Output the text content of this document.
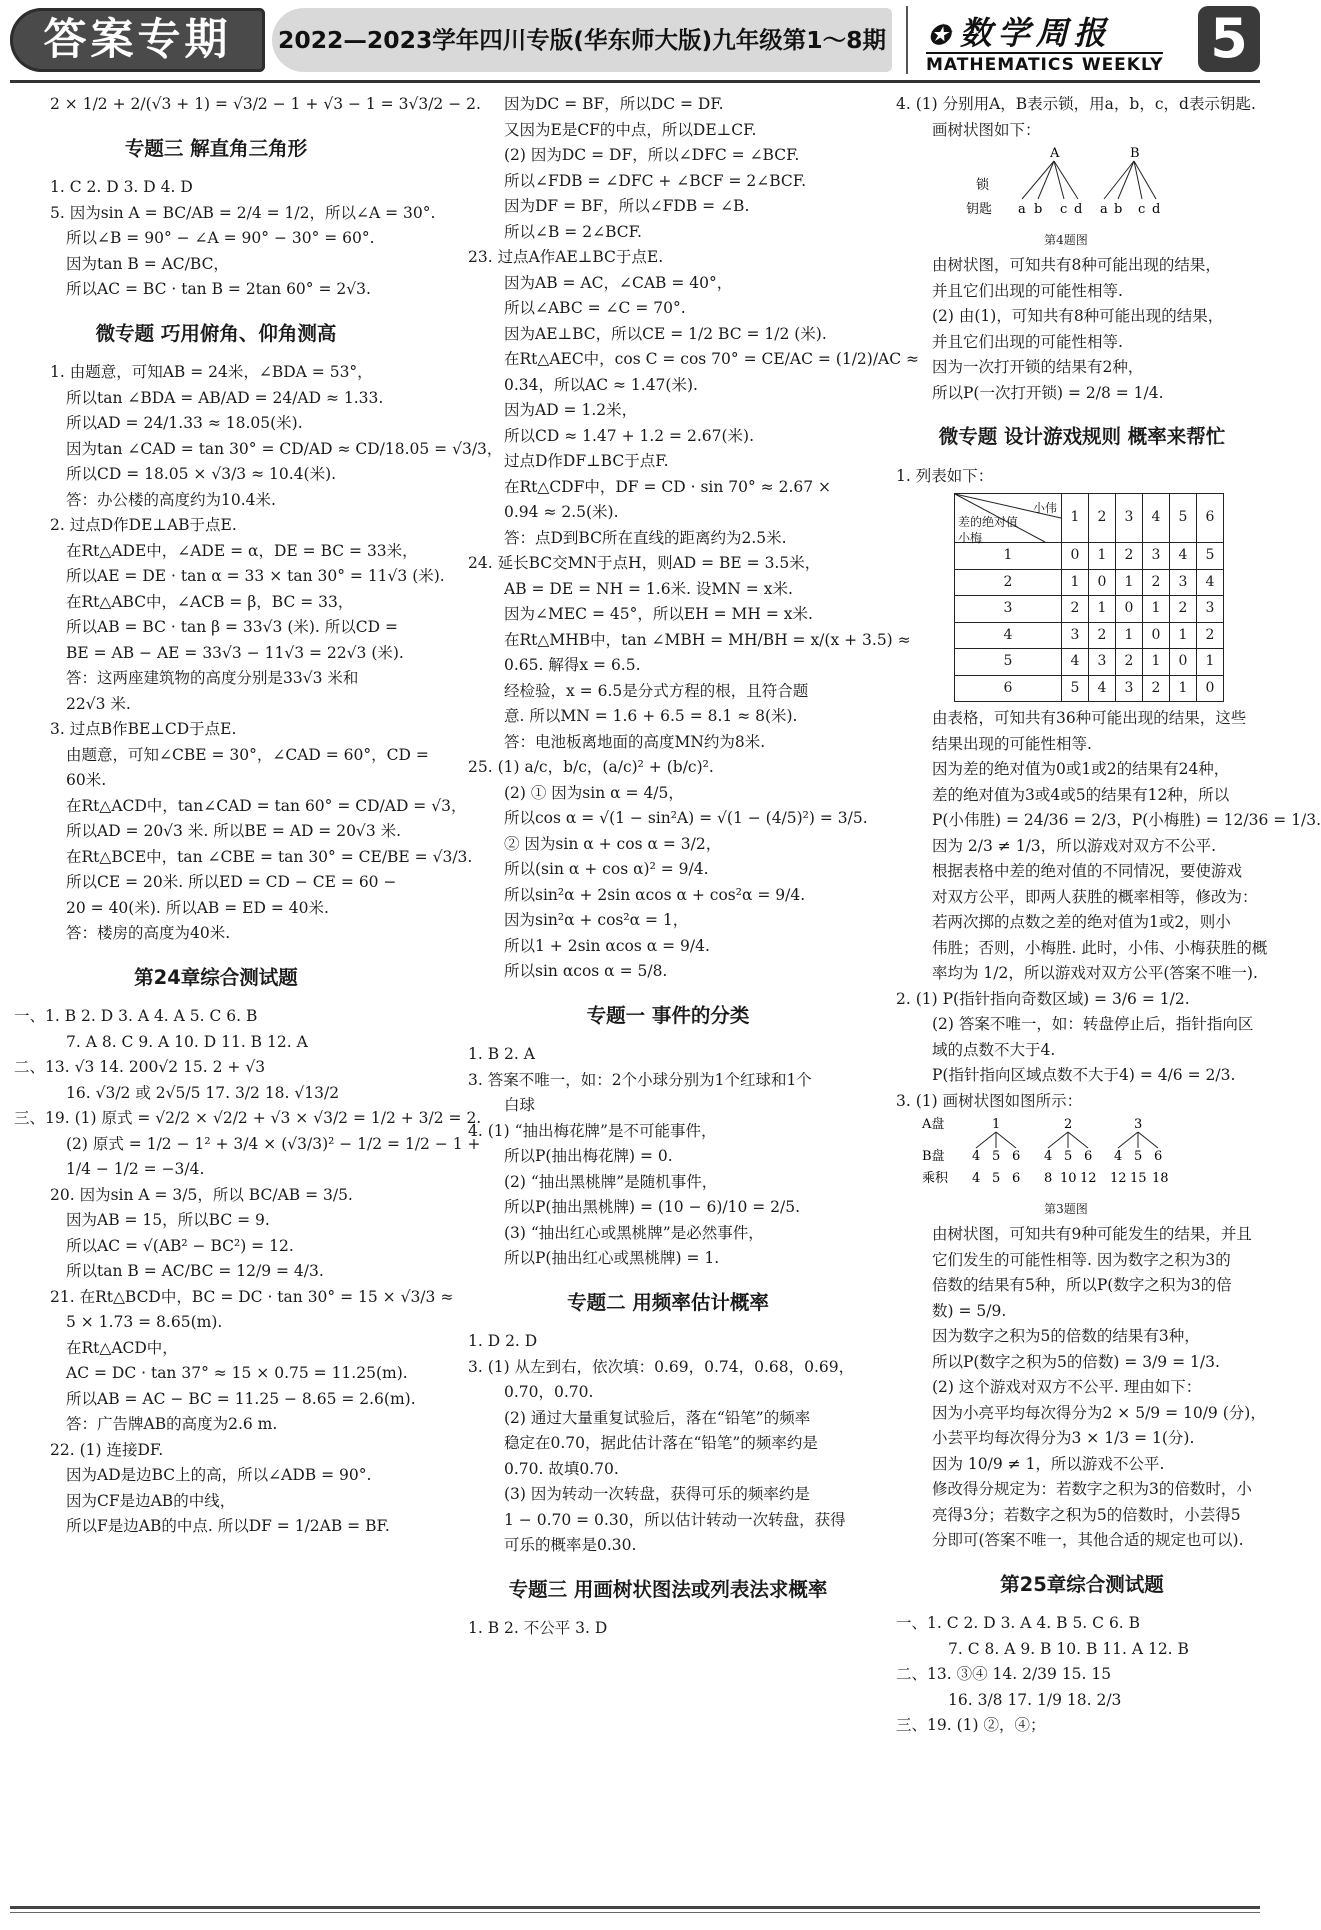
答案专期	2022—2023学年四川专版(华东师大版)九年级第1～8期 ✪ 数学周报
MATHEMATICS WEEKLY 5
2 × 1/2 + 2/(√3 + 1) = √3/2 − 1 + √3 − 1 = 3√3/2 − 2.
专题三 解直角三角形
1. C 2. D 3. D 4. D
5. 因为sin A = BC/AB = 2/4 = 1/2，所以∠A = 30°.
所以∠B = 90° − ∠A = 90° − 30° = 60°.
因为tan B = AC/BC，
所以AC = BC · tan B = 2tan 60° = 2√3.
微专题 巧用俯角、仰角测高
1. 由题意，可知AB = 24米，∠BDA = 53°，
所以tan ∠BDA = AB/AD = 24/AD ≈ 1.33.
所以AD = 24/1.33 ≈ 18.05(米).
因为tan ∠CAD = tan 30° = CD/AD ≈ CD/18.05 = √3/3，
所以CD = 18.05 × √3/3 ≈ 10.4(米).
答：办公楼的高度约为10.4米.
2. 过点D作DE⊥AB于点E.
在Rt△ADE中，∠ADE = α，DE = BC = 33米，
所以AE = DE · tan α = 33 × tan 30° = 11√3 (米).
在Rt△ABC中，∠ACB = β，BC = 33，
所以AB = BC · tan β = 33√3 (米). 所以CD =
BE = AB − AE = 33√3 − 11√3 = 22√3 (米).
答：这两座建筑物的高度分别是33√3 米和
22√3 米.
3. 过点B作BE⊥CD于点E.
由题意，可知∠CBE = 30°，∠CAD = 60°，CD =
60米.
在Rt△ACD中，tan∠CAD = tan 60° = CD/AD = √3，
所以AD = 20√3 米. 所以BE = AD = 20√3 米.
在Rt△BCE中，tan ∠CBE = tan 30° = CE/BE = √3/3.
所以CE = 20米. 所以ED = CD − CE = 60 −
20 = 40(米). 所以AB = ED = 40米.
答：楼房的高度为40米.
第24章综合测试题
一、1. B 2. D 3. A 4. A 5. C 6. B
7. A 8. C 9. A 10. D 11. B 12. A
二、13. √3 14. 200√2 15. 2 + √3
16. √3/2 或 2√5/5 17. 3/2 18. √13/2
三、19. (1) 原式 = √2/2 × √2/2 + √3 × √3/2 = 1/2 + 3/2 = 2.
(2) 原式 = 1/2 − 1² + 3/4 × (√3/3)² − 1/2 = 1/2 − 1 +
1/4 − 1/2 = −3/4.
20. 因为sin A = 3/5，所以 BC/AB = 3/5.
因为AB = 15，所以BC = 9.
所以AC = √(AB² − BC²) = 12.
所以tan B = AC/BC = 12/9 = 4/3.
21. 在Rt△BCD中，BC = DC · tan 30° = 15 × √3/3 ≈
5 × 1.73 = 8.65(m).
在Rt△ACD中，
AC = DC · tan 37° ≈ 15 × 0.75 = 11.25(m).
所以AB = AC − BC = 11.25 − 8.65 = 2.6(m).
答：广告牌AB的高度为2.6 m.
22. (1) 连接DF.
因为AD是边BC上的高，所以∠ADB = 90°.
因为CF是边AB的中线，
所以F是边AB的中点. 所以DF = 1/2AB = BF.
因为DC = BF，所以DC = DF.
又因为E是CF的中点，所以DE⊥CF.
(2) 因为DC = DF，所以∠DFC = ∠BCF.
所以∠FDB = ∠DFC + ∠BCF = 2∠BCF.
因为DF = BF，所以∠FDB = ∠B.
所以∠B = 2∠BCF.
23. 过点A作AE⊥BC于点E.
因为AB = AC，∠CAB = 40°，
所以∠ABC = ∠C = 70°.
因为AE⊥BC，所以CE = 1/2 BC = 1/2 (米).
在Rt△AEC中，cos C = cos 70° = CE/AC = (1/2)/AC ≈
0.34，所以AC ≈ 1.47(米).
因为AD = 1.2米，
所以CD ≈ 1.47 + 1.2 = 2.67(米).
过点D作DF⊥BC于点F.
在Rt△CDF中，DF = CD · sin 70° ≈ 2.67 ×
0.94 ≈ 2.5(米).
答：点D到BC所在直线的距离约为2.5米.
24. 延长BC交MN于点H，则AD = BE = 3.5米，
AB = DE = NH = 1.6米. 设MN = x米.
因为∠MEC = 45°，所以EH = MH = x米.
在Rt△MHB中，tan ∠MBH = MH/BH = x/(x + 3.5) ≈
0.65. 解得x = 6.5.
经检验，x = 6.5是分式方程的根，且符合题
意. 所以MN = 1.6 + 6.5 = 8.1 ≈ 8(米).
答：电池板离地面的高度MN约为8米.
25. (1) a/c，b/c，(a/c)² + (b/c)².
(2) ① 因为sin α = 4/5，
所以cos α = √(1 − sin²A) = √(1 − (4/5)²) = 3/5.
② 因为sin α + cos α = 3/2，
所以(sin α + cos α)² = 9/4.
所以sin²α + 2sin αcos α + cos²α = 9/4.
因为sin²α + cos²α = 1，
所以1 + 2sin αcos α = 9/4.
所以sin αcos α = 5/8.
专题一 事件的分类
1. B 2. A
3. 答案不唯一，如：2个小球分别为1个红球和1个
白球
4. (1) “抽出梅花牌”是不可能事件，
所以P(抽出梅花牌) = 0.
(2) “抽出黑桃牌”是随机事件，
所以P(抽出黑桃牌) = (10 − 6)/10 = 2/5.
(3) “抽出红心或黑桃牌”是必然事件，
所以P(抽出红心或黑桃牌) = 1.
专题二 用频率估计概率
1. D 2. D
3. (1) 从左到右，依次填：0.69，0.74，0.68，0.69，
0.70，0.70.
(2) 通过大量重复试验后，落在“铅笔”的频率
稳定在0.70，据此估计落在“铅笔”的频率约是
0.70. 故填0.70.
(3) 因为转动一次转盘，获得可乐的频率约是
1 − 0.70 = 0.30，所以估计转动一次转盘，获得
可乐的概率是0.30.
专题三 用画树状图法或列表法求概率
1. B 2. 不公平 3. D
4. (1) 分别用A，B表示锁，用a，b，c，d表示钥匙.
画树状图如下：
锁
钥匙
A	B
a b c d a b c d
第4题图
由树状图，可知共有8种可能出现的结果，
并且它们出现的可能性相等.
(2) 由(1)，可知共有8种可能出现的结果，
并且它们出现的可能性相等.
因为一次打开锁的结果有2种，
所以P(一次打开锁) = 2/8 = 1/4.
微专题 设计游戏规则 概率来帮忙
1. 列表如下：
小伟
差的绝对值
小梅	1	2	3	4	5	6
1	0	1	2	3	4	5
2	1	0	1	2	3	4
3	2	1	0	1	2	3
4	3	2	1	0	1	2
5	4	3	2	1	0	1
6	5	4	3	2	1	0
由表格，可知共有36种可能出现的结果，这些
结果出现的可能性相等.
因为差的绝对值为0或1或2的结果有24种，
差的绝对值为3或4或5的结果有12种，所以
P(小伟胜) = 24/36 = 2/3，P(小梅胜) = 12/36 = 1/3.
因为 2/3 ≠ 1/3，所以游戏对双方不公平.
根据表格中差的绝对值的不同情况，要使游戏
对双方公平，即两人获胜的概率相等，修改为：
若两次掷的点数之差的绝对值为1或2，则小
伟胜；否则，小梅胜. 此时，小伟、小梅获胜的概
率均为 1/2，所以游戏对双方公平(答案不唯一).
2. (1) P(指针指向奇数区域) = 3/6 = 1/2.
(2) 答案不唯一，如：转盘停止后，指针指向区
域的点数不大于4.
P(指针指向区域点数不大于4) = 4/6 = 2/3.
3. (1) 画树状图如图所示：
A盘
B盘
乘积
1	2	3
4 5 6 4 5 6 4 5 6
4 5 6 8 10 12 12 15 18
第3题图
由树状图，可知共有9种可能发生的结果，并且
它们发生的可能性相等. 因为数字之积为3的
倍数的结果有5种，所以P(数字之积为3的倍
数) = 5/9.
因为数字之积为5的倍数的结果有3种，
所以P(数字之积为5的倍数) = 3/9 = 1/3.
(2) 这个游戏对双方不公平. 理由如下：
因为小亮平均每次得分为2 × 5/9 = 10/9 (分)，
小芸平均每次得分为3 × 1/3 = 1(分).
因为 10/9 ≠ 1，所以游戏不公平.
修改得分规定为：若数字之积为3的倍数时，小
亮得3分；若数字之积为5的倍数时，小芸得5
分即可(答案不唯一，其他合适的规定也可以).
第25章综合测试题
一、1. C 2. D 3. A 4. B 5. C 6. B
7. C 8. A 9. B 10. B 11. A 12. B
二、13. ③④ 14. 2/39 15. 15
16. 3/8 17. 1/9 18. 2/3
三、19. (1) ②，④；
